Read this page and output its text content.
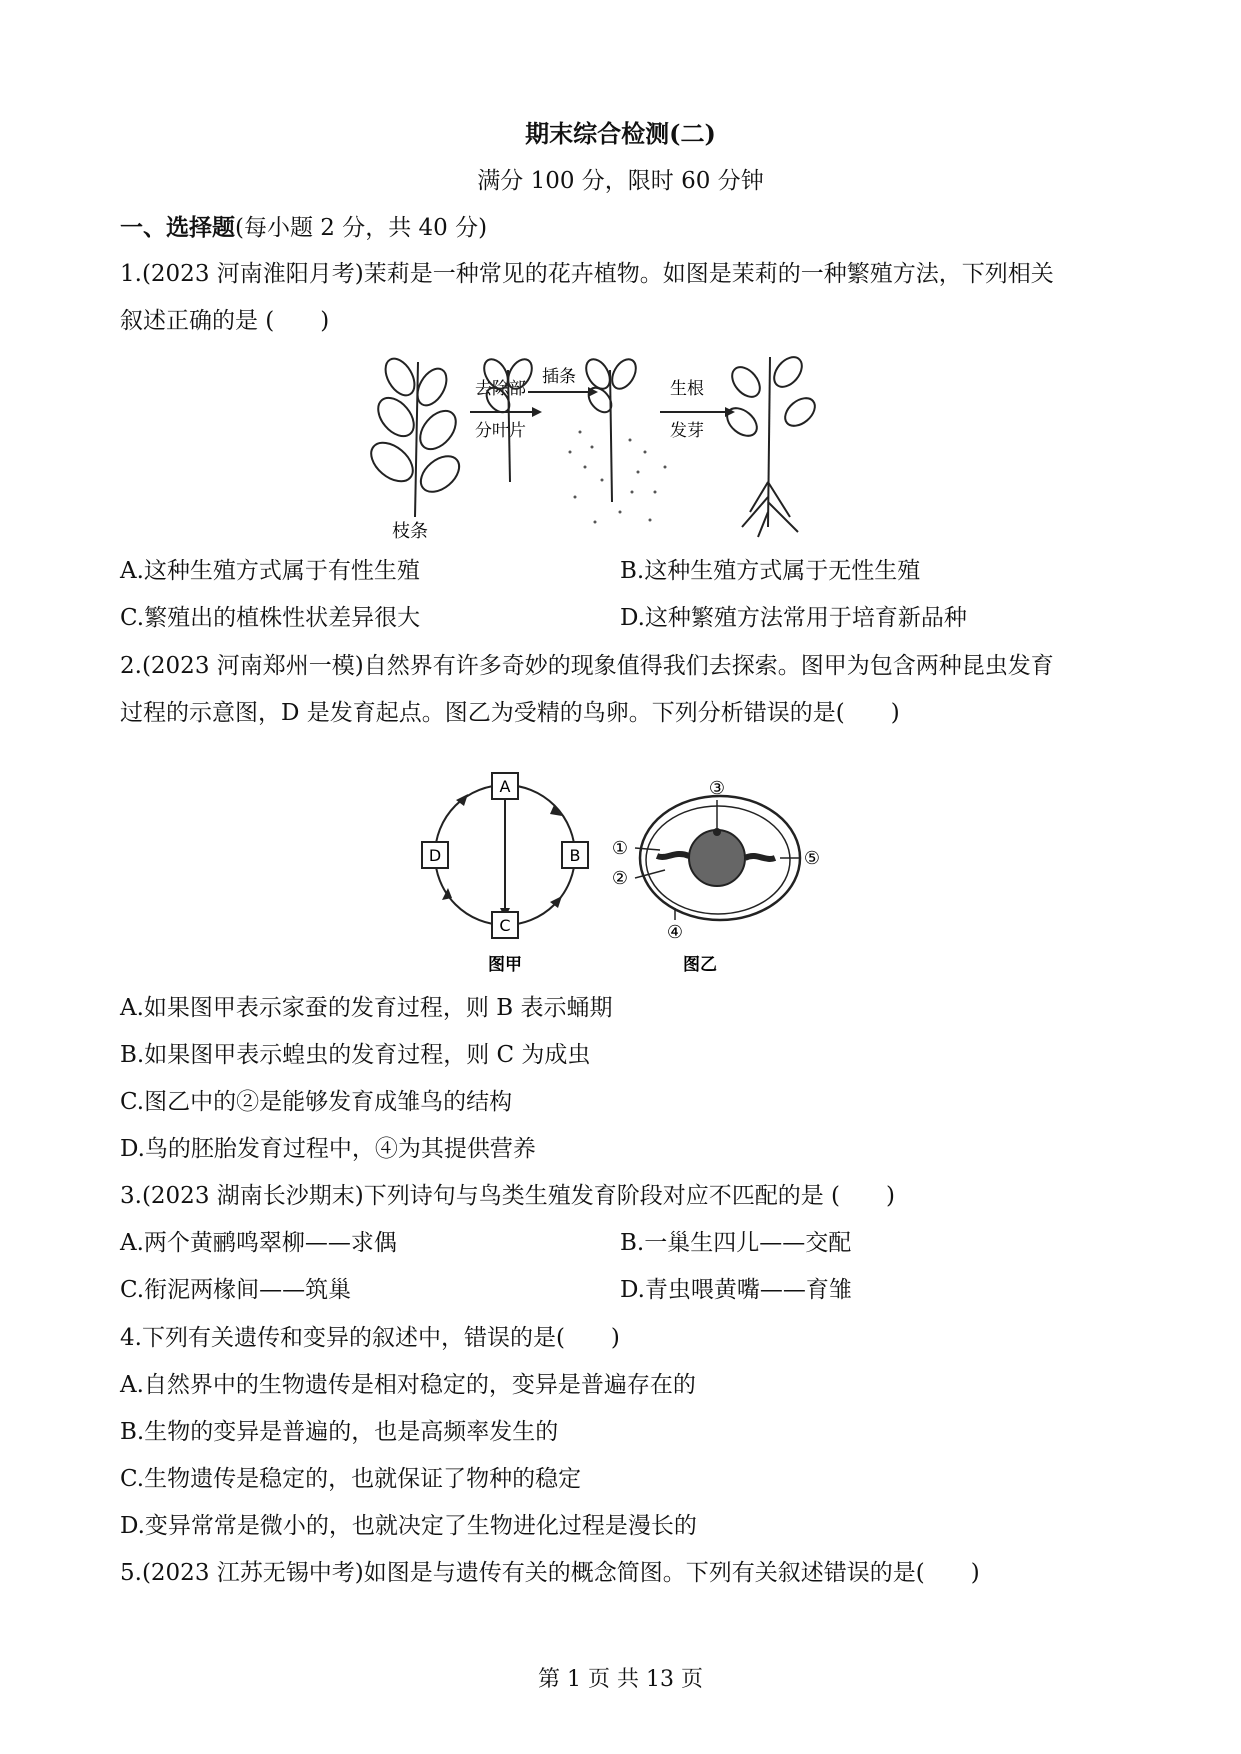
期末综合检测(二)
满分 100 分，限时 60 分钟
一、选择题(每小题 2 分，共 40 分)
1.(2023 河南淮阳月考)茉莉是一种常见的花卉植物。如图是茉莉的一种繁殖方法，下列相关
叙述正确的是 (　　)
枝条
去除部
分叶片
插条
生根
发芽
A.这种生殖方式属于有性生殖	B.这种生殖方式属于无性生殖
C.繁殖出的植株性状差异很大	D.这种繁殖方法常用于培育新品种
2.(2023 河南郑州一模)自然界有许多奇妙的现象值得我们去探索。图甲为包含两种昆虫发育
过程的示意图，D 是发育起点。图乙为受精的鸟卵。下列分析错误的是(　　)
A
B
C
D
图甲
③
①
②
⑤
④
图乙
A.如果图甲表示家蚕的发育过程，则 B 表示蛹期
B.如果图甲表示蝗虫的发育过程，则 C 为成虫
C.图乙中的②是能够发育成雏鸟的结构
D.鸟的胚胎发育过程中，④为其提供营养
3.(2023 湖南长沙期末)下列诗句与鸟类生殖发育阶段对应不匹配的是 (　　)
A.两个黄鹂鸣翠柳——求偶	B.一巢生四儿——交配
C.衔泥两椽间——筑巢	D.青虫喂黄嘴——育雏
4.下列有关遗传和变异的叙述中，错误的是(　　)
A.自然界中的生物遗传是相对稳定的，变异是普遍存在的
B.生物的变异是普遍的，也是高频率发生的
C.生物遗传是稳定的，也就保证了物种的稳定
D.变异常常是微小的，也就决定了生物进化过程是漫长的
5.(2023 江苏无锡中考)如图是与遗传有关的概念简图。下列有关叙述错误的是(　　)
第 1 页 共 13 页
